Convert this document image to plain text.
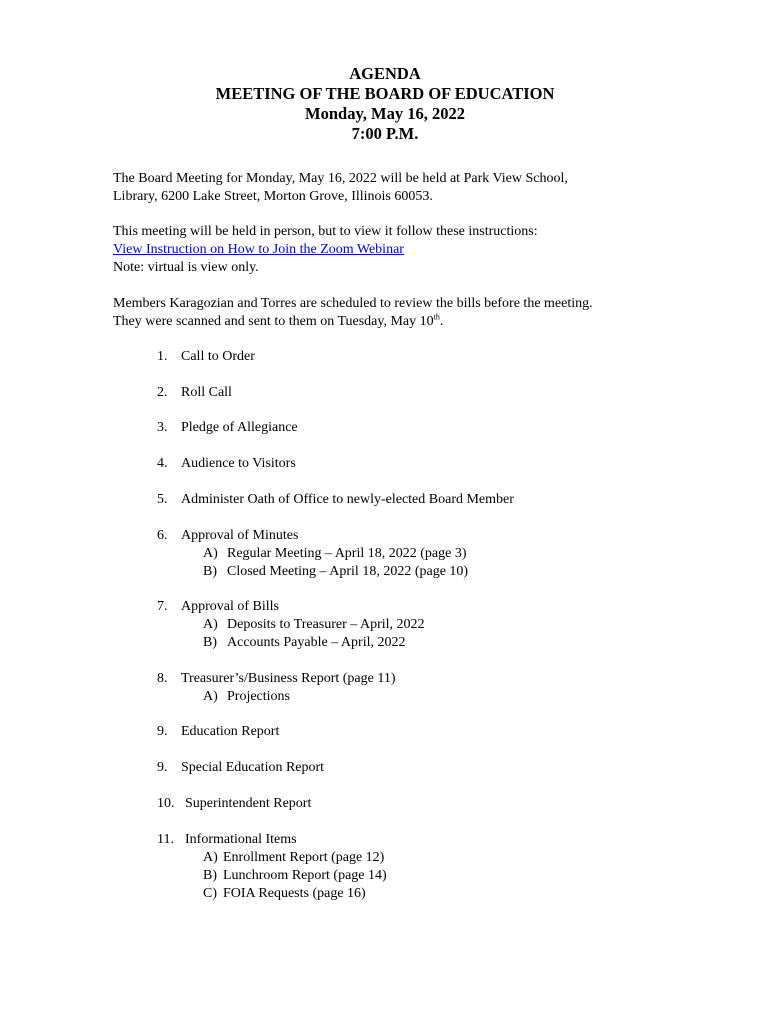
AGENDA
MEETING OF THE BOARD OF EDUCATION
Monday, May 16, 2022
7:00 P.M.
The Board Meeting for Monday, May 16, 2022 will be held at Park View School,
Library, 6200 Lake Street, Morton Grove, Illinois 60053.
This meeting will be held in person, but to view it follow these instructions:
View Instruction on How to Join the Zoom Webinar
Note: virtual is view only.
Members Karagozian and Torres are scheduled to review the bills before the meeting.
They were scanned and sent to them on Tuesday, May 10th.
1. Call to Order
2. Roll Call
3. Pledge of Allegiance
4. Audience to Visitors
5. Administer Oath of Office to newly-elected Board Member
6. Approval of Minutes
A) Regular Meeting – April 18, 2022 (page 3)
B) Closed Meeting – April 18, 2022 (page 10)
7. Approval of Bills
A) Deposits to Treasurer – April, 2022
B) Accounts Payable – April, 2022
8. Treasurer’s/Business Report (page 11)
A) Projections
9. Education Report
9. Special Education Report
10. Superintendent Report
11. Informational Items
A) Enrollment Report (page 12)
B) Lunchroom Report (page 14)
C) FOIA Requests (page 16)
